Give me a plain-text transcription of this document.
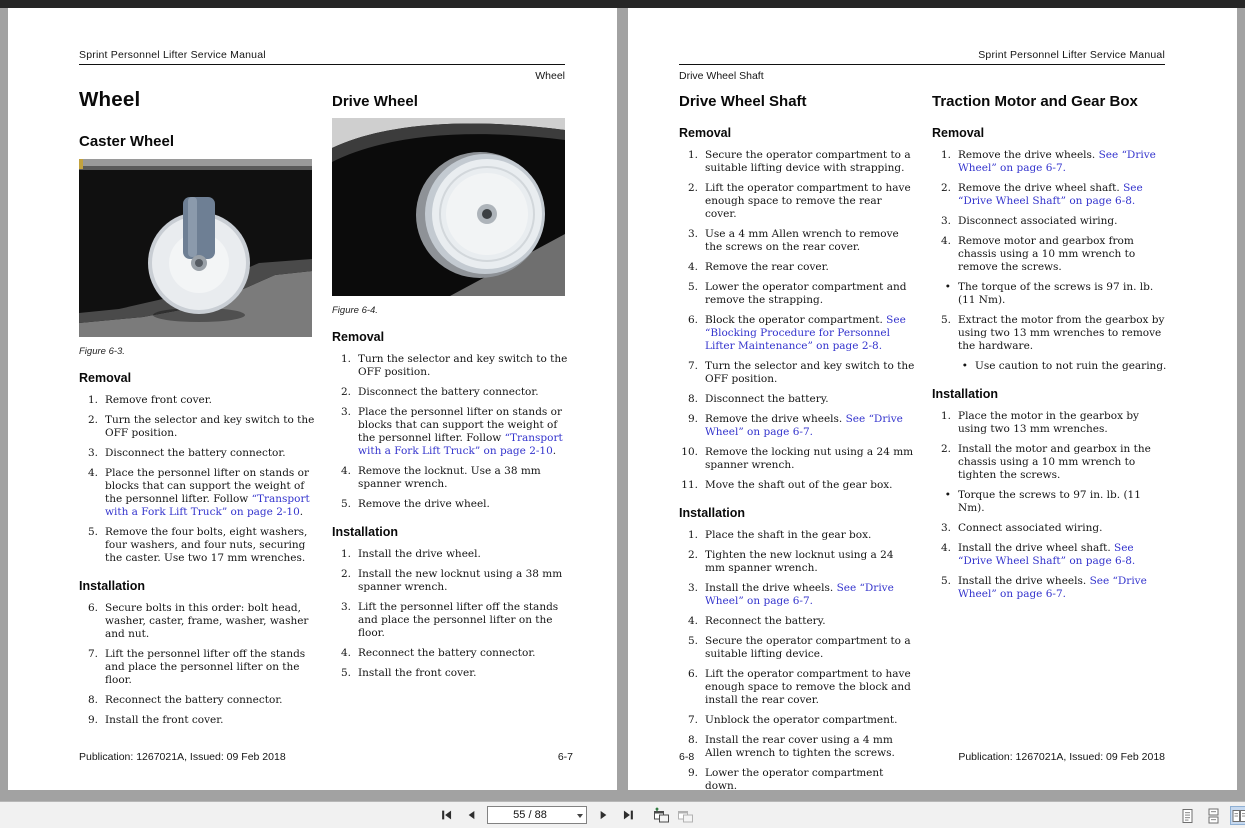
Sprint Personnel Lifter Service Manual
Wheel
Wheel
Caster Wheel
Figure 6-3.
Removal
1. Remove front cover.
2. Turn the selector and key switch to the OFF position.
3. Disconnect the battery connector.
4. Place the personnel lifter on stands or blocks that can support the weight of the personnel lifter. Follow “Transport with a Fork Lift Truck” on page 2-10.
5. Remove the four bolts, eight washers, four washers, and four nuts, securing the caster. Use two 17 mm wrenches.
Installation
6. Secure bolts in this order: bolt head, washer, caster, frame, washer, washer and nut.
7. Lift the personnel lifter off the stands and place the personnel lifter on the floor.
8. Reconnect the battery connector.
9. Install the front cover.
Drive Wheel
Figure 6-4.
Removal
1. Turn the selector and key switch to the OFF position.
2. Disconnect the battery connector.
3. Place the personnel lifter on stands or blocks that can support the weight of the personnel lifter. Follow “Transport with a Fork Lift Truck” on page 2-10.
4. Remove the locknut. Use a 38 mm spanner wrench.
5. Remove the drive wheel.
Installation
1. Install the drive wheel.
2. Install the new locknut using a 38 mm spanner wrench.
3. Lift the personnel lifter off the stands and place the personnel lifter on the floor.
4. Reconnect the battery connector.
5. Install the front cover.
Publication: 1267021A, Issued: 09 Feb 2018	6-7
Sprint Personnel Lifter Service Manual
Drive Wheel Shaft
Drive Wheel Shaft
Removal
1. Secure the operator compartment to a suitable lifting device with strapping.
2. Lift the operator compartment to have enough space to remove the rear cover.
3. Use a 4 mm Allen wrench to remove the screws on the rear cover.
4. Remove the rear cover.
5. Lower the operator compartment and remove the strapping.
6. Block the operator compartment. See “Blocking Procedure for Personnel Lifter Maintenance” on page 2-8.
7. Turn the selector and key switch to the OFF position.
8. Disconnect the battery.
9. Remove the drive wheels. See “Drive Wheel” on page 6-7.
10. Remove the locking nut using a 24 mm spanner wrench.
11. Move the shaft out of the gear box.
Installation
1. Place the shaft in the gear box.
2. Tighten the new locknut using a 24 mm spanner wrench.
3. Install the drive wheels. See “Drive Wheel” on page 6-7.
4. Reconnect the battery.
5. Secure the operator compartment to a suitable lifting device.
6. Lift the operator compartment to have enough space to remove the block and install the rear cover.
7. Unblock the operator compartment.
8. Install the rear cover using a 4 mm Allen wrench to tighten the screws.
9. Lower the operator compartment down.
Traction Motor and Gear Box
Removal
1. Remove the drive wheels. See “Drive Wheel” on page 6-7.
2. Remove the drive wheel shaft. See “Drive Wheel Shaft” on page 6-8.
3. Disconnect associated wiring.
4. Remove motor and gearbox from chassis using a 10 mm wrench to remove the screws.
• The torque of the screws is 97 in. lb. (11 Nm).
5. Extract the motor from the gearbox by using two 13 mm wrenches to remove the hardware.
• Use caution to not ruin the gearing.
Installation
1. Place the motor in the gearbox by using two 13 mm wrenches.
2. Install the motor and gearbox in the chassis using a 10 mm wrench to tighten the screws.
• Torque the screws to 97 in. lb. (11 Nm).
3. Connect associated wiring.
4. Install the drive wheel shaft. See “Drive Wheel Shaft” on page 6-8.
5. Install the drive wheels. See “Drive Wheel” on page 6-7.
6-8	Publication: 1267021A, Issued: 09 Feb 2018
55 / 88
